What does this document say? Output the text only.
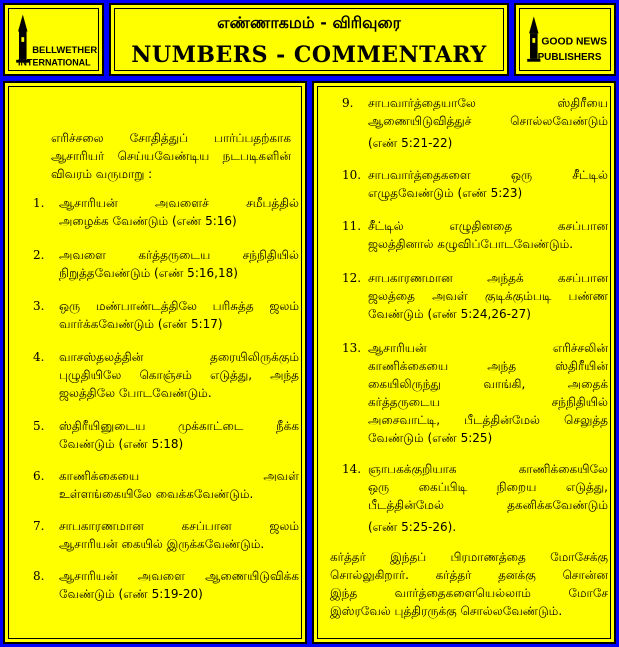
BELLWETHER
INTERNATIONAL
எண்ணாகமம் - விரிவுரை
NUMBERS - COMMENTARY	GOOD NEWS
PUBLISHERS
எரிச்சலை சோதித்துப் பார்ப்பதற்காக
ஆசாரியர் செய்யவேண்டிய நடபடிகளின்
விவரம் வருமாறு :
1. ஆசாரியன் அவளைச் சமீபத்தில்
அழைக்க வேண்டும் (எண் 5:16)
2. அவளை கர்த்தருடைய சந்நிதியில்
நிறுத்தவேண்டும் (எண் 5:16,18)
3. ஒரு மண்பாண்டத்திலே பரிசுத்த ஜலம்
வார்க்கவேண்டும் (எண் 5:17)
4. வாசஸ்தலத்தின் தரையிலிருக்கும்
புழுதியிலே கொஞ்சம் எடுத்து, அந்த
ஜலத்திலே போடவேண்டும்.
5. ஸ்திரீயினுடைய முக்காட்டை நீக்க
வேண்டும் (எண் 5:18)
6. காணிக்கையை அவள்
உள்ளங்கையிலே வைக்கவேண்டும்.
7. சாபகாரணமான கசப்பான ஜலம்
ஆசாரியன் கையில் இருக்கவேண்டும்.
8. ஆசாரியன் அவளை ஆணையிடுவிக்க
வேண்டும் (எண் 5:19-20)
9. சாபவார்த்தையாலே ஸ்திரீயை
ஆணையிடுவித்துச் சொல்லவேண்டும்
(எண் 5:21-22)
10. சாபவார்த்தைகளை ஒரு சீட்டில்
எழுதவேண்டும் (எண் 5:23)
11. சீட்டில் எழுதினதை கசப்பான
ஜலத்தினால் கழுவிப்போடவேண்டும்.
12. சாபகாரணமான அந்தக் கசப்பான
ஜலத்தை அவள் குடிக்கும்படி பண்ண
வேண்டும் (எண் 5:24,26-27)
13. ஆசாரியன் எரிச்சலின்
காணிக்கையை அந்த ஸ்திரீயின்
கையிலிருந்து வாங்கி, அதைக்
கர்த்தருடைய சந்நிதியில்
அசைவாட்டி, பீடத்தின்மேல் செலுத்த
வேண்டும் (எண் 5:25)
14. ஞாபகக்குறியாக காணிக்கையிலே
ஒரு கைப்பிடி நிறைய எடுத்து,
பீடத்தின்மேல் தகனிக்கவேண்டும்
(எண் 5:25-26).
கர்த்தர் இந்தப் பிரமாணத்தை மோசேக்கு
சொல்லுகிறார். கர்த்தர் தனக்கு சொன்ன
இந்த வார்த்தைகளையெல்லாம் மோசே
இஸ்ரவேல் புத்திரருக்கு சொல்லவேண்டும்.
